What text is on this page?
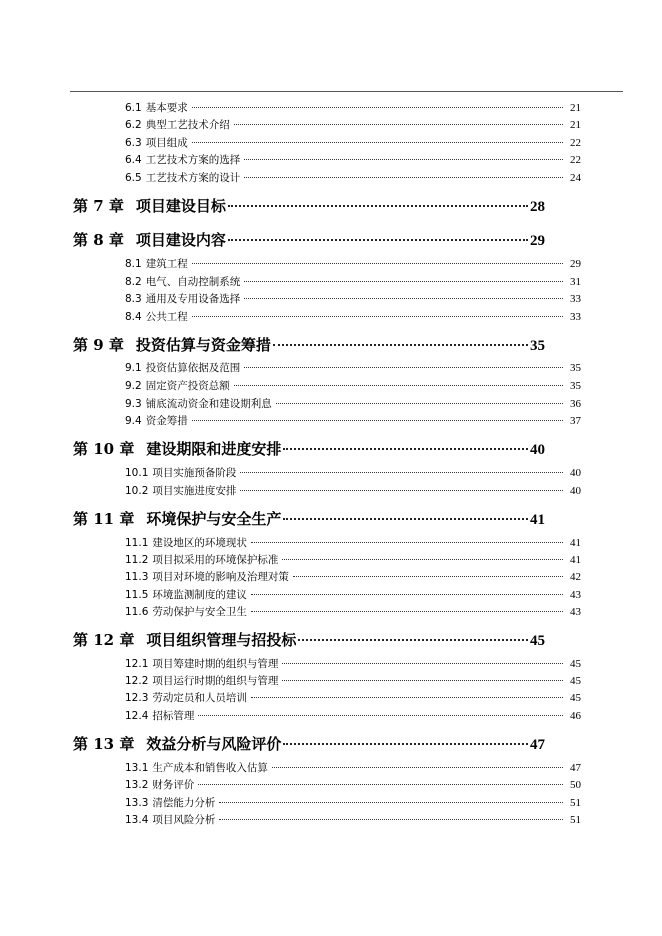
6.1 基本要求	21
6.2 典型工艺技术介绍	21
6.3 项目组成	22
6.4 工艺技术方案的选择	22
6.5 工艺技术方案的设计	24
第 7 章 项目建设目标	28
第 8 章 项目建设内容	29
8.1 建筑工程	29
8.2 电气、自动控制系统	31
8.3 通用及专用设备选择	33
8.4 公共工程	33
第 9 章 投资估算与资金筹措	35
9.1 投资估算依据及范围	35
9.2 固定资产投资总额	35
9.3 铺底流动资金和建设期利息	36
9.4 资金筹措	37
第 10 章 建设期限和进度安排	40
10.1 项目实施预备阶段	40
10.2 项目实施进度安排	40
第 11 章 环境保护与安全生产	41
11.1 建设地区的环境现状	41
11.2 项目拟采用的环境保护标准	41
11.3 项目对环境的影响及治理对策	42
11.5 环境监测制度的建议	43
11.6 劳动保护与安全卫生	43
第 12 章 项目组织管理与招投标	45
12.1 项目筹建时期的组织与管理	45
12.2 项目运行时期的组织与管理	45
12.3 劳动定员和人员培训	45
12.4 招标管理	46
第 13 章 效益分析与风险评价	47
13.1 生产成本和销售收入估算	47
13.2 财务评价	50
13.3 清偿能力分析	51
13.4 项目风险分析	51
